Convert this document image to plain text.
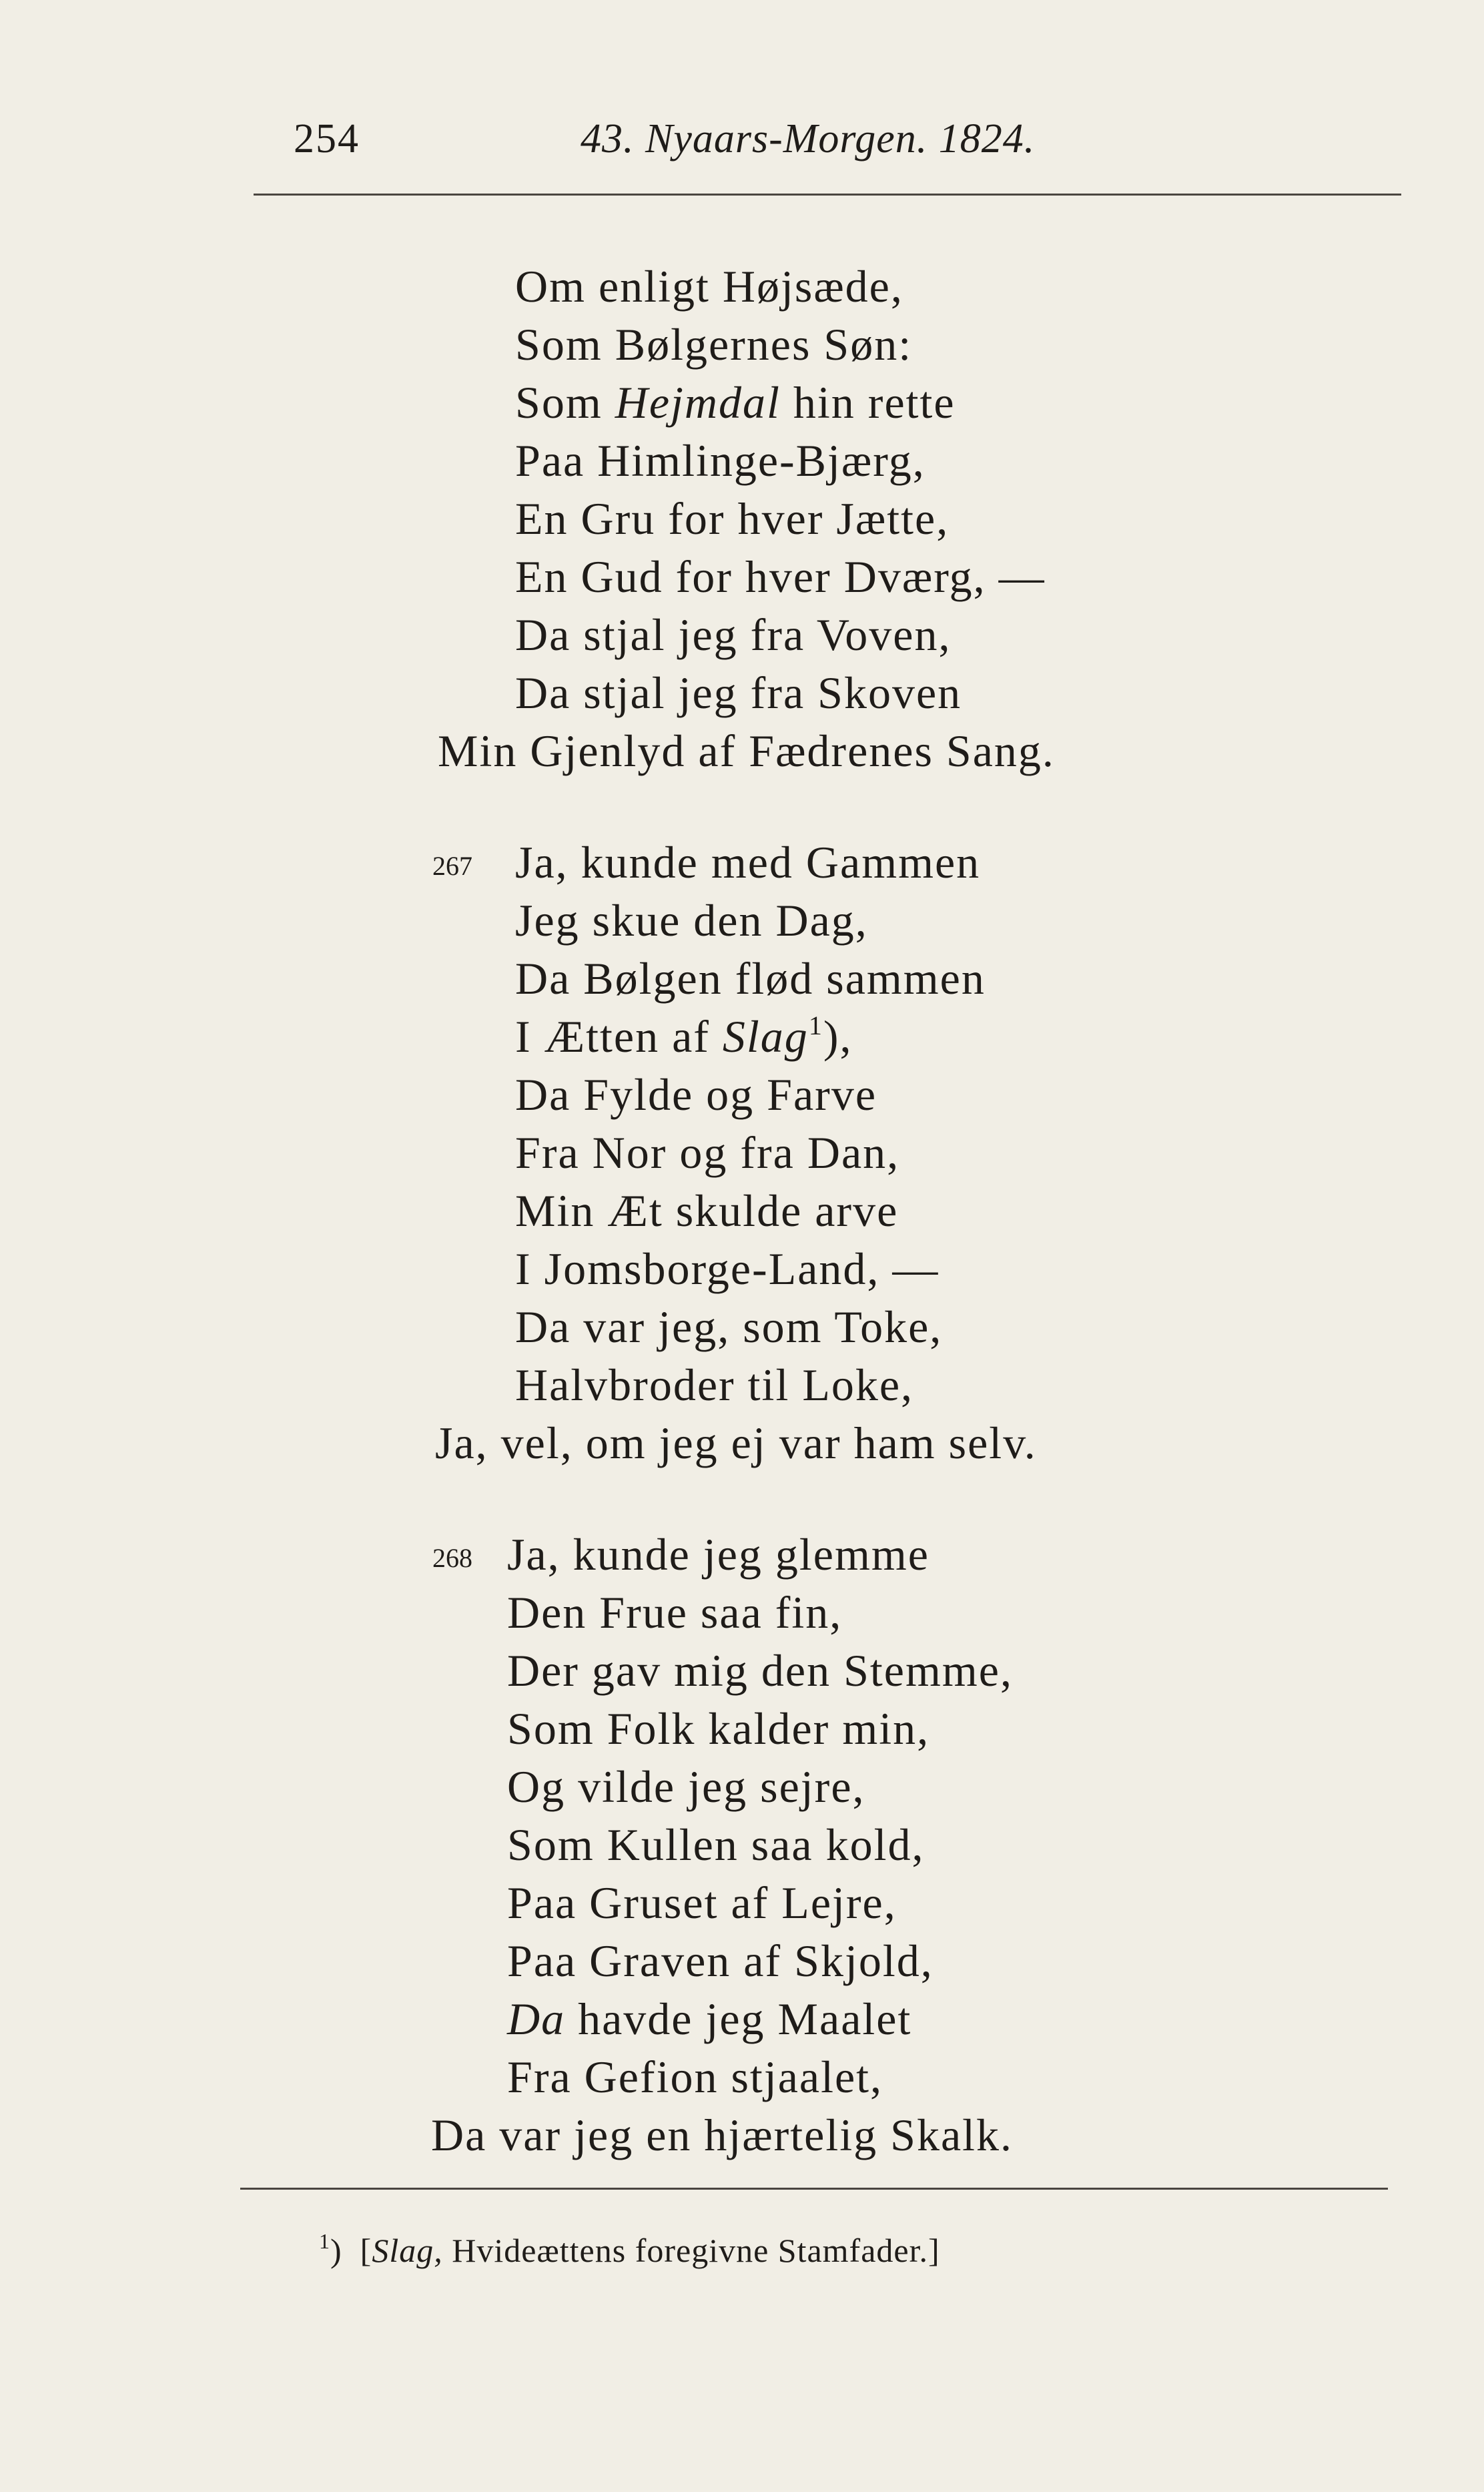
254	43. Nyaars-Morgen. 1824.
Om enligt Højsæde,
Som Bølgernes Søn:
Som Hejmdal hin rette
Paa Himlinge-Bjærg,
En Gru for hver Jætte,
En Gud for hver Dværg, —
Da stjal jeg fra Voven,
Da stjal jeg fra Skoven
Min Gjenlyd af Fædrenes Sang.
267 Ja, kunde med Gammen
Jeg skue den Dag,
Da Bølgen flød sammen
I Ætten af Slag$^1$),
Da Fylde og Farve
Fra Nor og fra Dan,
Min Æt skulde arve
I Jomsborge-Land, —
Da var jeg, som Toke,
Halvbroder til Loke,
Ja, vel, om jeg ej var ham selv.
268 Ja, kunde jeg glemme
Den Frue saa fin,
Der gav mig den Stemme,
Som Folk kalder min,
Og vilde jeg sejre,
Som Kullen saa kold,
Paa Gruset af Lejre,
Paa Graven af Skjold,
Da havde jeg Maalet
Fra Gefion stjaalet,
Da var jeg en hjærtelig Skalk.
$^1$) [Slag, Hvideættens foregivne Stamfader.]
